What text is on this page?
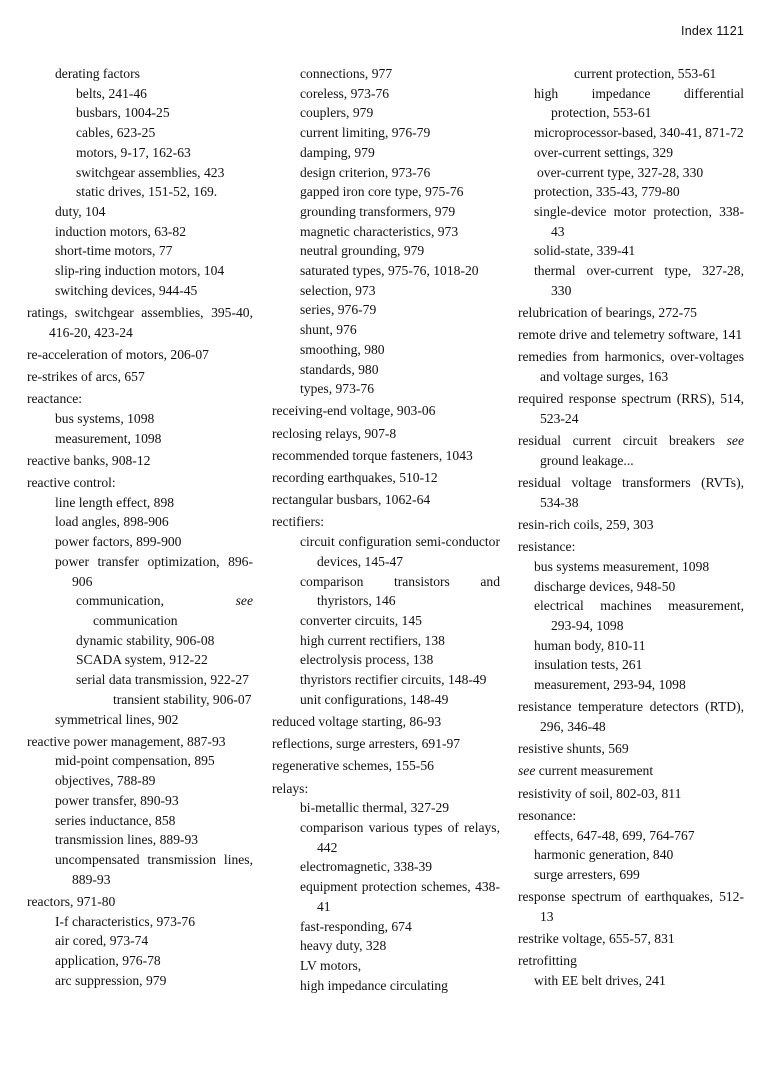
Index 1121
derating factors
belts, 241-46
busbars, 1004-25
cables, 623-25
motors, 9-17, 162-63
switchgear assemblies, 423
static drives, 151-52, 169.
duty, 104
induction motors, 63-82
short-time motors, 77
slip-ring induction motors, 104
switching devices, 944-45
ratings, switchgear assemblies, 395-40, 416-20, 423-24
re-acceleration of motors, 206-07
re-strikes of arcs, 657
reactance:
bus systems, 1098
measurement, 1098
reactive banks, 908-12
reactive control:
line length effect, 898
load angles, 898-906
power factors, 899-900
power transfer optimization, 896-906
communication,	see communication
dynamic stability, 906-08
SCADA system, 912-22
serial data transmission, 922-27
transient stability, 906-07
symmetrical lines, 902
reactive power management, 887-93
mid-point compensation, 895
objectives, 788-89
power transfer, 890-93
series inductance, 858
transmission lines, 889-93
uncompensated transmission lines, 889-93
reactors, 971-80
I-f characteristics, 973-76
air cored, 973-74
application, 976-78
arc suppression, 979
connections, 977
coreless, 973-76
couplers, 979
current limiting, 976-79
damping, 979
design criterion, 973-76
gapped iron core type, 975-76
grounding transformers, 979
magnetic characteristics, 973
neutral grounding, 979
saturated types, 975-76, 1018-20
selection, 973
series, 976-79
shunt, 976
smoothing, 980
standards, 980
types, 973-76
receiving-end voltage, 903-06
reclosing relays, 907-8
recommended torque fasteners, 1043
recording earthquakes, 510-12
rectangular busbars, 1062-64
rectifiers:
circuit configuration semi-conductor devices, 145-47
comparison transistors and thyristors, 146
converter circuits, 145
high current rectifiers, 138
electrolysis process, 138
thyristors rectifier circuits, 148-49
unit configurations, 148-49
reduced voltage starting, 86-93
reflections, surge arresters, 691-97
regenerative schemes, 155-56
relays:
bi-metallic thermal, 327-29
comparison various types of relays, 442
electromagnetic, 338-39
equipment protection schemes, 438-41
fast-responding, 674
heavy duty, 328
LV motors,
high impedance circulating
current protection, 553-61
high impedance differential protection, 553-61
microprocessor-based, 340-41, 871-72
over-current settings, 329
over-current type, 327-28, 330
protection, 335-43, 779-80
single-device motor protection, 338-43
solid-state, 339-41
thermal over-current type, 327-28, 330
relubrication of bearings, 272-75
remote drive and telemetry software, 141
remedies from harmonics, over-voltages and voltage surges, 163
required response spectrum (RRS), 514, 523-24
residual current circuit breakers see ground leakage...
residual voltage transformers (RVTs), 534-38
resin-rich coils, 259, 303
resistance:
bus systems measurement, 1098
discharge devices, 948-50
electrical machines measurement, 293-94, 1098
human body, 810-11
insulation tests, 261
measurement, 293-94, 1098
resistance temperature detectors (RTD), 296, 346-48
resistive shunts, 569
see current measurement
resistivity of soil, 802-03, 811
resonance:
effects, 647-48, 699, 764-767
harmonic generation, 840
surge arresters, 699
response spectrum of earthquakes, 512-13
restrike voltage, 655-57, 831
retrofitting
with EE belt drives, 241
